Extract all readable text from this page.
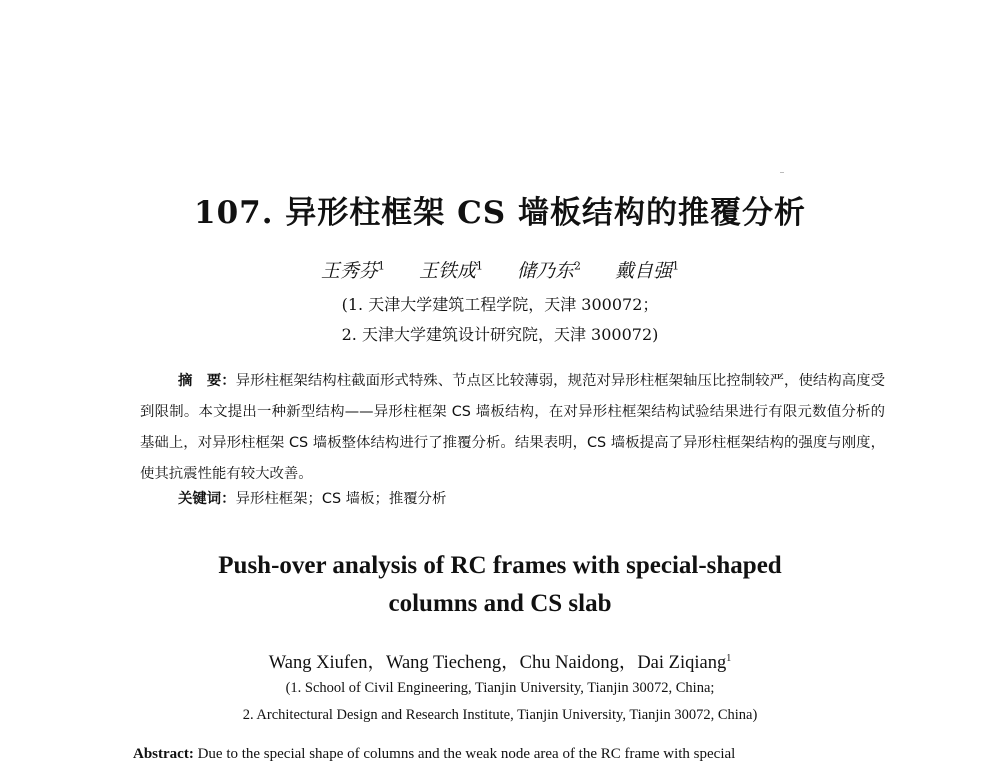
107. 异形柱框架 CS 墙板结构的推覆分析
王秀芬$^1$ 王铁成$^1$ 储乃东$^2$ 戴自强$^1$
(1. 天津大学建筑工程学院，天津 300072；
2. 天津大学建筑设计研究院，天津 300072)
摘　要：异形柱框架结构柱截面形式特殊、节点区比较薄弱，规范对异形柱框架轴压比控制较严，使结构高度受到限制。本文提出一种新型结构——异形柱框架 CS 墙板结构，在对异形柱框架结构试验结果进行有限元数值分析的基础上，对异形柱框架 CS 墙板整体结构进行了推覆分析。结果表明，CS 墙板提高了异形柱框架结构的强度与刚度，使其抗震性能有较大改善。
关键词：异形柱框架；CS 墙板；推覆分析
Push-over analysis of RC frames with special-shaped
columns and CS slab
Wang Xiufen，Wang Tiecheng，Chu Naidong，Dai Ziqiang$^1$
(1. School of Civil Engineering, Tianjin University, Tianjin 30072, China;
2. Architectural Design and Research Institute, Tianjin University, Tianjin 30072, China)
Abstract: Due to the special shape of columns and the weak node area of the RC frame with special
